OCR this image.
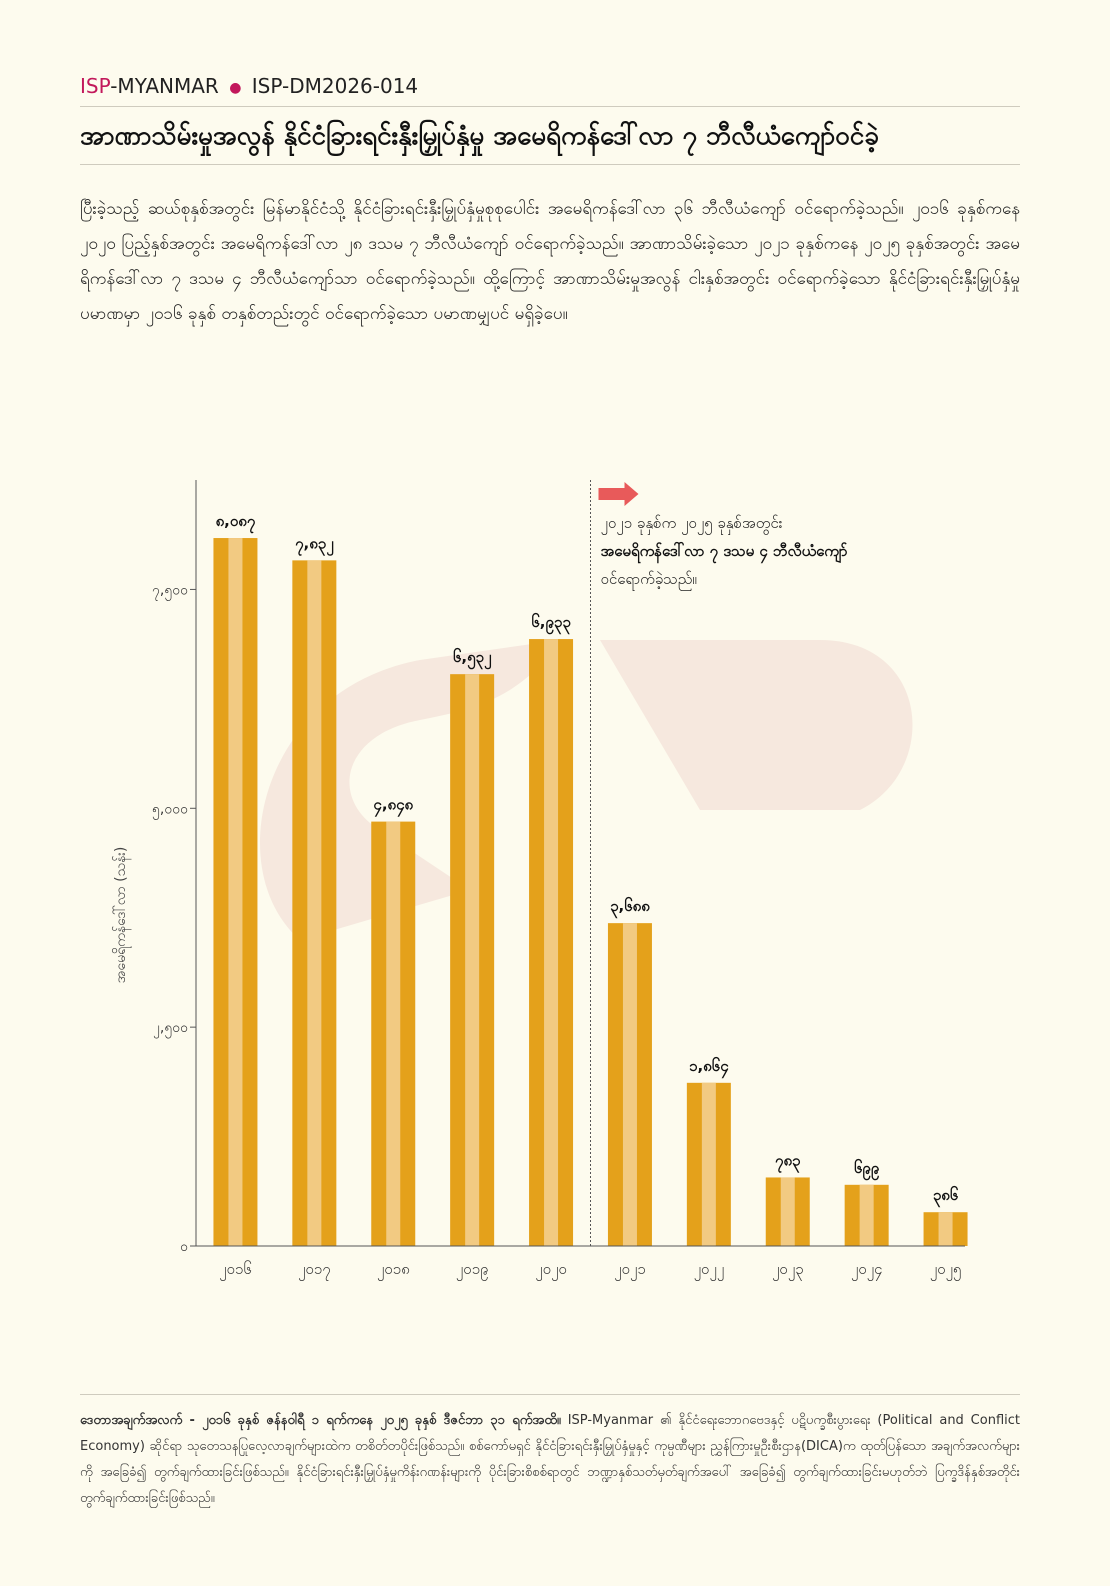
ISP-MYANMAR ● ISP-DM2026-014
အာဏာသိမ်းမှုအလွန် နိုင်ငံခြားရင်းနှီးမြှုပ်နှံမှု အမေရိကန်ဒေါ်လာ ၇ ဘီလီယံကျော်ဝင်ခဲ့
ပြီးခဲ့သည့် ဆယ်စုနှစ်အတွင်း မြန်မာနိုင်ငံသို့ နိုင်ငံခြားရင်းနှီးမြှုပ်နှံမှုစုစုပေါင်း အမေရိကန်ဒေါ်လာ ၃၆ ဘီလီယံကျော် ဝင်ရောက်ခဲ့သည်။ ၂၀၁၆ ခုနှစ်ကနေ ၂၀၂၀ ပြည့်နှစ်အတွင်း အမေရိကန်ဒေါ်လာ ၂၈ ဒသမ ၇ ဘီလီယံကျော် ဝင်ရောက်ခဲ့သည်။ အာဏာသိမ်းခဲ့သော ၂၀၂၁ ခုနှစ်ကနေ ၂၀၂၅ ခုနှစ်အတွင်း အမေရိကန်ဒေါ်လာ ၇ ဒသမ ၄ ဘီလီယံကျော်သာ ဝင်ရောက်ခဲ့သည်။ ထို့ကြောင့် အာဏာသိမ်းမှုအလွန် ငါးနှစ်အတွင်း ဝင်ရောက်ခဲ့သော နိုင်ငံခြားရင်းနှီးမြှုပ်နှံမှုပမာဏမှာ ၂၀၁၆ ခုနှစ် တနှစ်တည်းတွင် ဝင်ရောက်ခဲ့သော ပမာဏမျှပင် မရှိခဲ့ပေ။
၈,၀၈၇
၇,၈၃၂
၄,၈၄၈
၆,၅၃၂
၆,၉၃၃
၃,၆၈၈
၁,၈၆၄
၇၈၃	၆၉၉
၃၈၆
၀
၂,၅၀၀
၅,၀၀၀
၇,၅၀၀
၂၀၁၆	၂၀၁၇	၂၀၁၈	၂၀၁၉	၂၀၂၀	၂၀၂၁	၂၀၂၂	၂၀၂၃	၂၀၂၄	၂၀၂၅
၂၀၂၁ ခုနှစ်က ၂၀၂၅ ခုနှစ်အတွင်း
အမေရိကန်ဒေါ်လာ ၇ ဒသမ ၄ ဘီလီယံကျော်
ဝင်ရောက်ခဲ့သည်။
အမေရိကန်ဒေါ်လာ (သန်း)
ဒေတာအချက်အလက် - ၂၀၁၆ ခုနှစ် ဇန်နဝါရီ ၁ ရက်ကနေ ၂၀၂၅ ခုနှစ် ဒီဇင်ဘာ ၃၁ ရက်အထိ။ ISP-Myanmar ၏ နိုင်ငံရေးဘောဂဗေဒနှင့် ပဋိပက္ခစီးပွားရေး (Political and Conflict Economy) ဆိုင်ရာ သုတေသနပြုလေ့လာချက်များထဲက တစိတ်တပိုင်းဖြစ်သည်။ စစ်ကော်မရှင် နိုင်ငံခြားရင်းနှီးမြှုပ်နှံမှုနှင့် ကုမ္ပဏီများ ညွှန်ကြားမှုဦးစီးဌာန(DICA)က ထုတ်ပြန်သော အချက်အလက်များကို အခြေခံ၍ တွက်ချက်ထားခြင်းဖြစ်သည်။ နိုင်ငံခြားရင်းနှီးမြှုပ်နှံမှုကိန်းဂဏန်းများကို ပိုင်းခြားစိစစ်ရာတွင် ဘဏ္ဍာနှစ်သတ်မှတ်ချက်အပေါ် အခြေခံ၍ တွက်ချက်ထားခြင်းမဟုတ်ဘဲ ပြက္ခဒိန်နှစ်အတိုင်း တွက်ချက်ထားခြင်းဖြစ်သည်။
